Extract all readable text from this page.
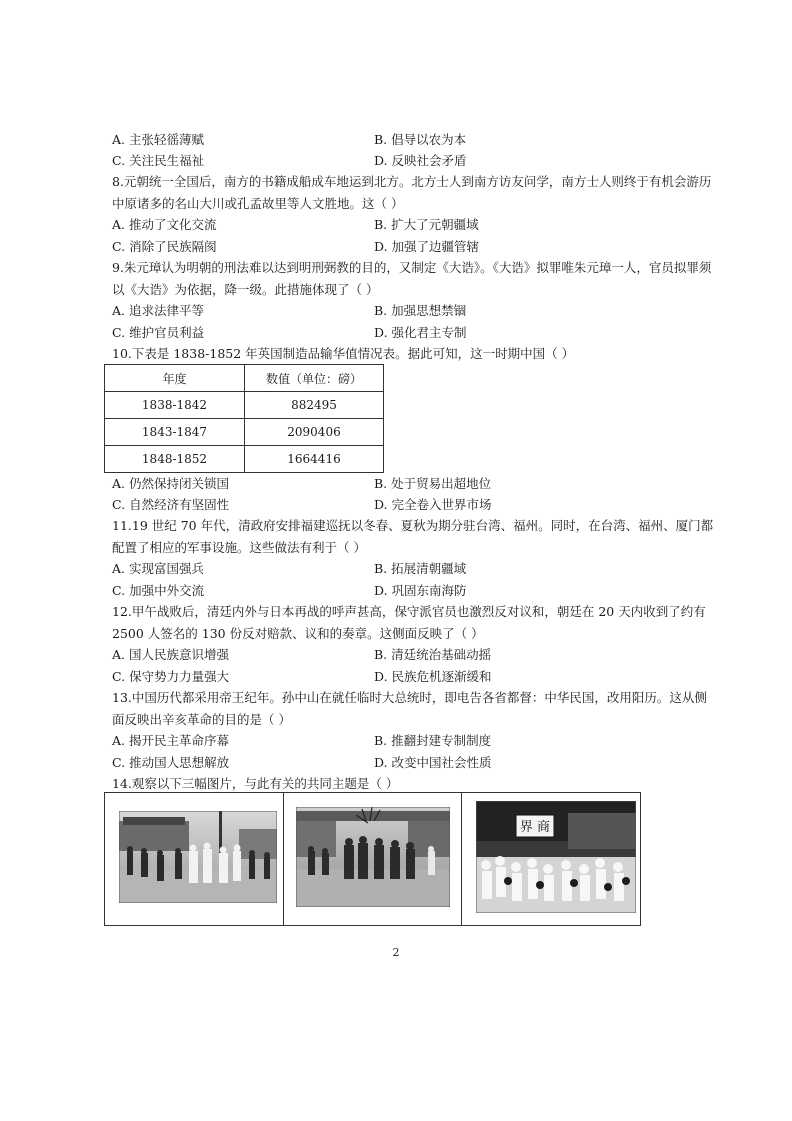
A. 主张轻徭薄赋	B. 倡导以农为本
C. 关注民生福祉	D. 反映社会矛盾
8.元朝统一全国后，南方的书籍成船成车地运到北方。北方士人到南方访友问学，南方士人则终于有机会游历
中原诸多的名山大川或孔孟故里等人文胜地。这（ ）
A. 推动了文化交流	B. 扩大了元朝疆域
C. 消除了民族隔阂	D. 加强了边疆管辖
9.朱元璋认为明朝的刑法难以达到明刑弼教的目的，又制定《大诰》。《大诰》拟罪唯朱元璋一人，官员拟罪须
以《大诰》为依据，降一级。此措施体现了（ ）
A. 追求法律平等	B. 加强思想禁锢
C. 维护官员利益	D. 强化君主专制
10.下表是 1838-1852 年英国制造品输华值情况表。据此可知，这一时期中国（ ）
年度	数值（单位：磅）
1838-1842	882495
1843-1847	2090406
1848-1852	1664416
A. 仍然保持闭关锁国	B. 处于贸易出超地位
C. 自然经济有坚固性	D. 完全卷入世界市场
11.19 世纪 70 年代，清政府安排福建巡抚以冬春、夏秋为期分驻台湾、福州。同时，在台湾、福州、厦门都
配置了相应的军事设施。这些做法有利于（ ）
A. 实现富国强兵	B. 拓展清朝疆域
C. 加强中外交流	D. 巩固东南海防
12.甲午战败后，清廷内外与日本再战的呼声甚高，保守派官员也激烈反对议和，朝廷在 20 天内收到了约有
2500 人签名的 130 份反对赔款、议和的奏章。这侧面反映了（ ）
A. 国人民族意识增强	B. 清廷统治基础动摇
C. 保守势力力量强大	D. 民族危机逐渐缓和
13.中国历代都采用帝王纪年。孙中山在就任临时大总统时，即电告各省都督：中华民国，改用阳历。这从侧
面反映出辛亥革命的目的是（ ）
A. 揭开民主革命序幕	B. 推翻封建专制制度
C. 推动国人思想解放	D. 改变中国社会性质
14.观察以下三幅图片，与此有关的共同主题是（ ）
界 商
2
